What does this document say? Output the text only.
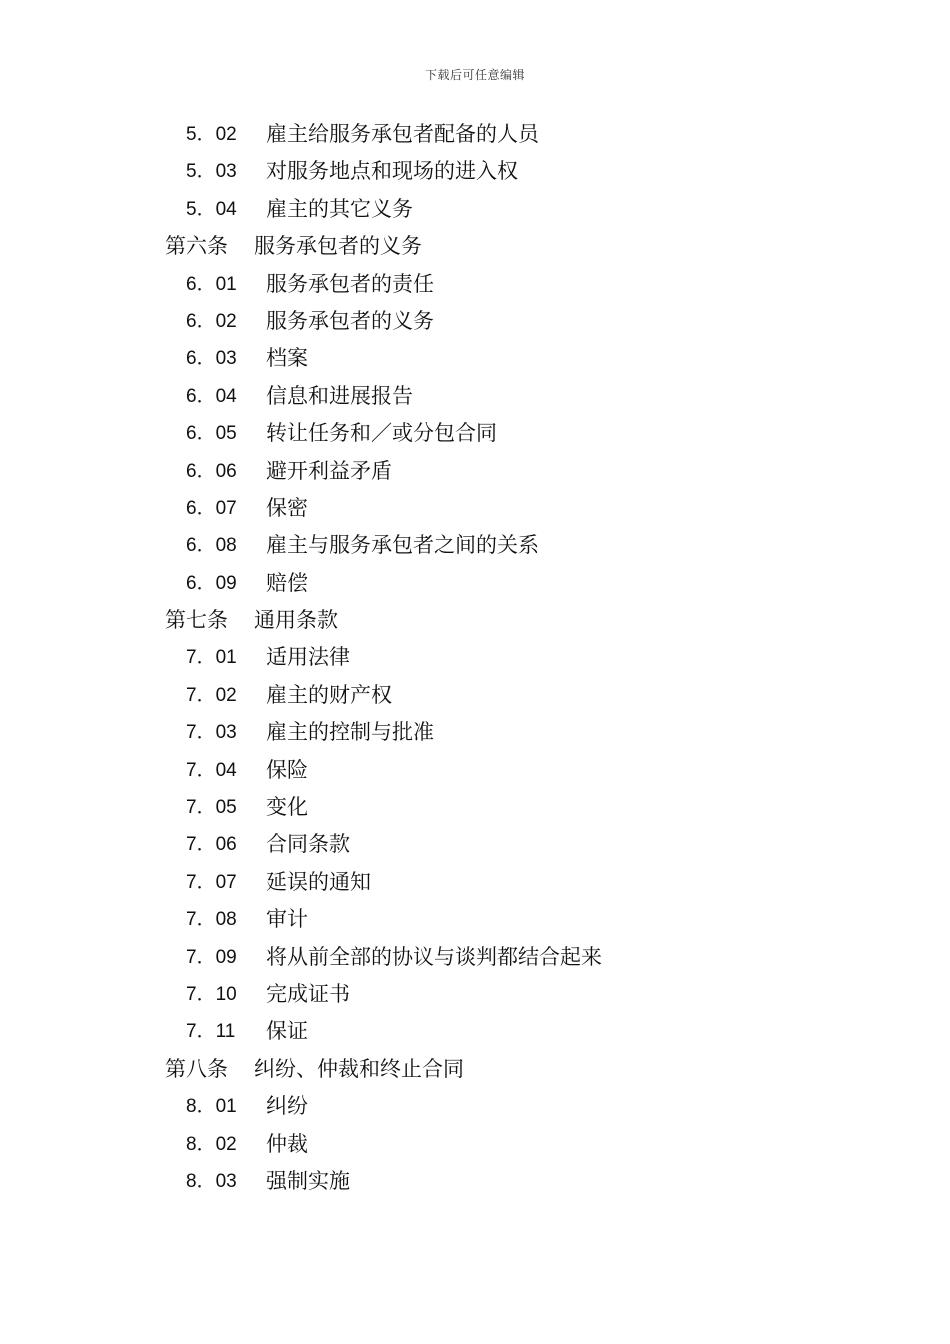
下载后可任意编辑
5．02 雇主给服务承包者配备的人员
5．03 对服务地点和现场的进入权
5．04 雇主的其它义务
第六条 服务承包者的义务
6．01 服务承包者的责任
6．02 服务承包者的义务
6．03 档案
6．04 信息和进展报告
6．05 转让任务和／或分包合同
6．06 避开利益矛盾
6．07 保密
6．08 雇主与服务承包者之间的关系
6．09 赔偿
第七条 通用条款
7．01 适用法律
7．02 雇主的财产权
7．03 雇主的控制与批准
7．04 保险
7．05 变化
7．06 合同条款
7．07 延误的通知
7．08 审计
7．09 将从前全部的协议与谈判都结合起来
7．10 完成证书
7．11 保证
第八条 纠纷、仲裁和终止合同
8．01 纠纷
8．02 仲裁
8．03 强制实施
